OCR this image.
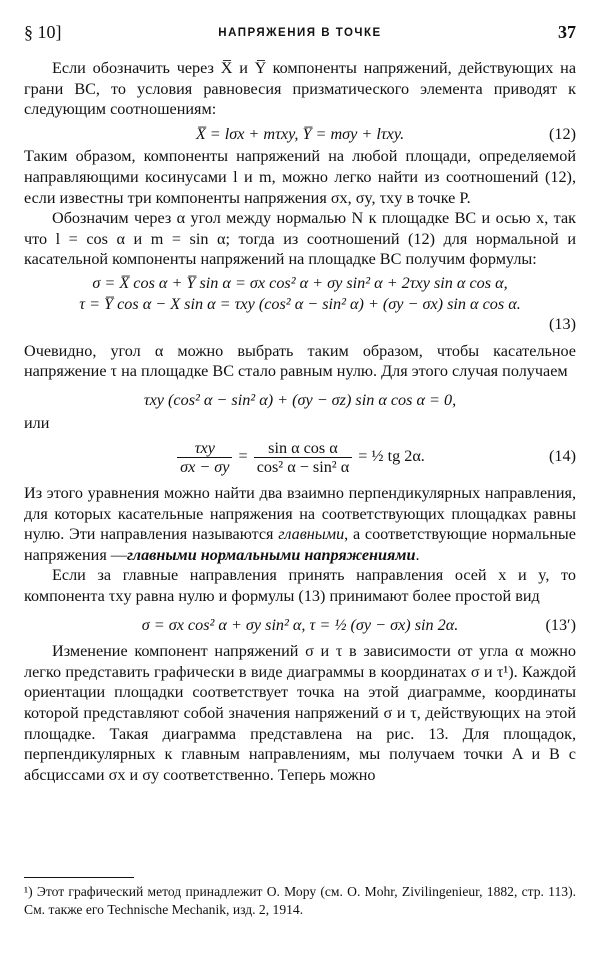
§ 10]	НАПРЯЖЕНИЯ В ТОЧКЕ	37

Если обозначить через X̅ и Y̅ компоненты напряжений, действующих на грани BC, то условия равновесия призматического элемента приводят к следующим соотношениям:

X̅ = lσx + mτxy, Y̅ = mσy + lτxy.	(12)

Таким образом, компоненты напряжений на любой площади, определяемой направляющими косинусами l и m, можно легко найти из соотношений (12), если известны три компоненты напряжения σx, σy, τxy в точке P.

Обозначим через α угол между нормалью N к площадке BC и осью x, так что l = cos α и m = sin α; тогда из соотношений (12) для нормальной и касательной компоненты напряжений на площадке BC получим формулы:

σ = X̅ cos α + Y̅ sin α = σx cos² α + σy sin² α + 2τxy sin α cos α,
τ = Y̅ cos α − X sin α = τxy (cos² α − sin² α) + (σy − σx) sin α cos α.

(13)

Очевидно, угол α можно выбрать таким образом, чтобы касательное напряжение τ на площадке BC стало равным нулю. Для этого случая получаем

τxy (cos² α − sin² α) + (σy − σz) sin α cos α = 0,

или

$\frac{\text{τxy}}{\sigma x - \sigma y} = \frac{\text{sin α cos α}}{\text{cos² α − sin² α}}$ = ½ tg 2α.	(14)

Из этого уравнения можно найти два взаимно перпендикулярных направления, для которых касательные напряжения на соответствующих площадках равны нулю. Эти направления называются главными, а соответствующие нормальные напряжения —главными нормальными напряжениями.

Если за главные направления принять направления осей x и y, то компонента τxy равна нулю и формулы (13) принимают более простой вид

σ = σx cos² α + σy sin² α, τ = ½ (σy − σx) sin 2α.	(13′)

Изменение компонент напряжений σ и τ в зависимости от угла α можно легко представить графически в виде диаграммы в координатах σ и τ¹). Каждой ориентации площадки соответствует точка на этой диаграмме, координаты которой представляют собой значения напряжений σ и τ, действующих на этой площадке. Такая диаграмма представлена на рис. 13. Для площадок, перпендикулярных к главным направлениям, мы получаем точки A и B с абсциссами σx и σy соответственно. Теперь можно

¹) Этот графический метод принадлежит О. Мору (см. O. Mohr, Zivilingenieur, 1882, стр. 113). См. также его Technische Mechanik, изд. 2, 1914.
